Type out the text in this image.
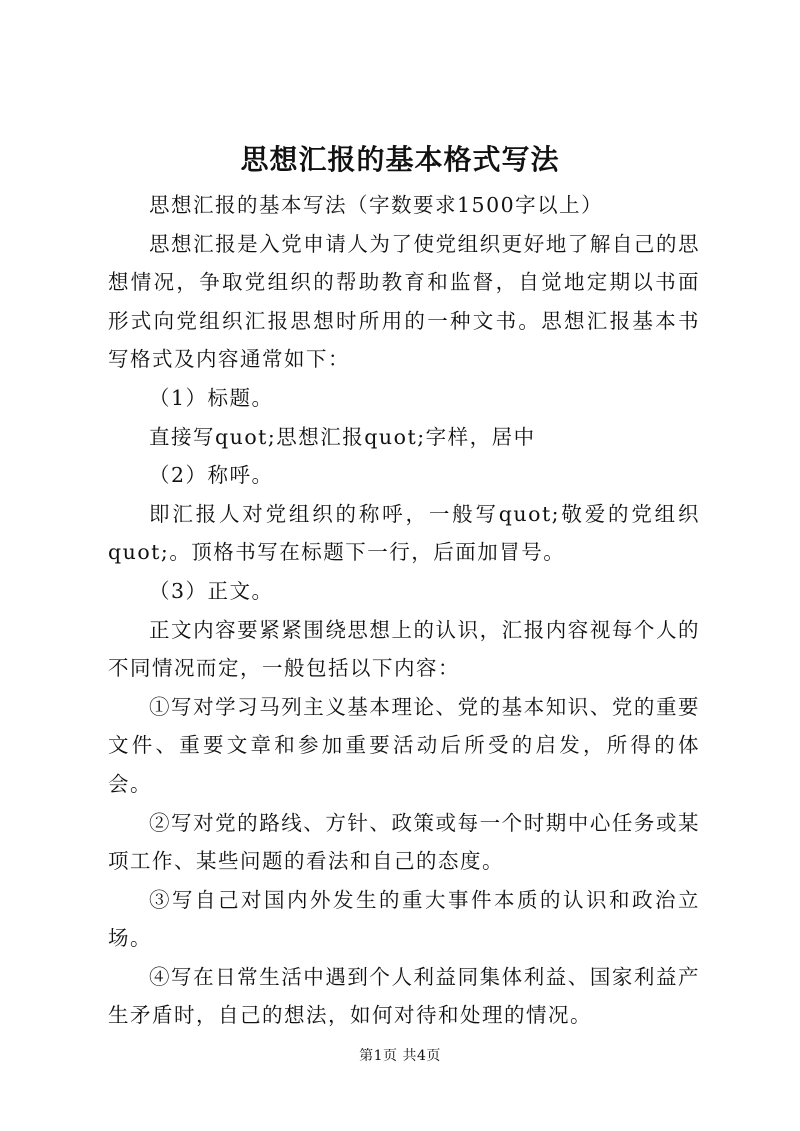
思想汇报的基本格式写法

思想汇报的基本写法（字数要求1500字以上）

思想汇报是入党申请人为了使党组织更好地了解自己的思想情况，争取党组织的帮助教育和监督，自觉地定期以书面形式向党组织汇报思想时所用的一种文书。思想汇报基本书写格式及内容通常如下：

（1）标题。

直接写quot;思想汇报quot;字样，居中

（2）称呼。

即汇报人对党组织的称呼，一般写quot;敬爱的党组织quot;。顶格书写在标题下一行，后面加冒号。

（3）正文。

正文内容要紧紧围绕思想上的认识，汇报内容视每个人的不同情况而定，一般包括以下内容：

①写对学习马列主义基本理论、党的基本知识、党的重要文件、重要文章和参加重要活动后所受的启发，所得的体会。

②写对党的路线、方针、政策或每一个时期中心任务或某项工作、某些问题的看法和自己的态度。

③写自己对国内外发生的重大事件本质的认识和政治立场。

④写在日常生活中遇到个人利益同集体利益、国家利益产生矛盾时，自己的想法，如何对待和处理的情况。

第1页 共4页
